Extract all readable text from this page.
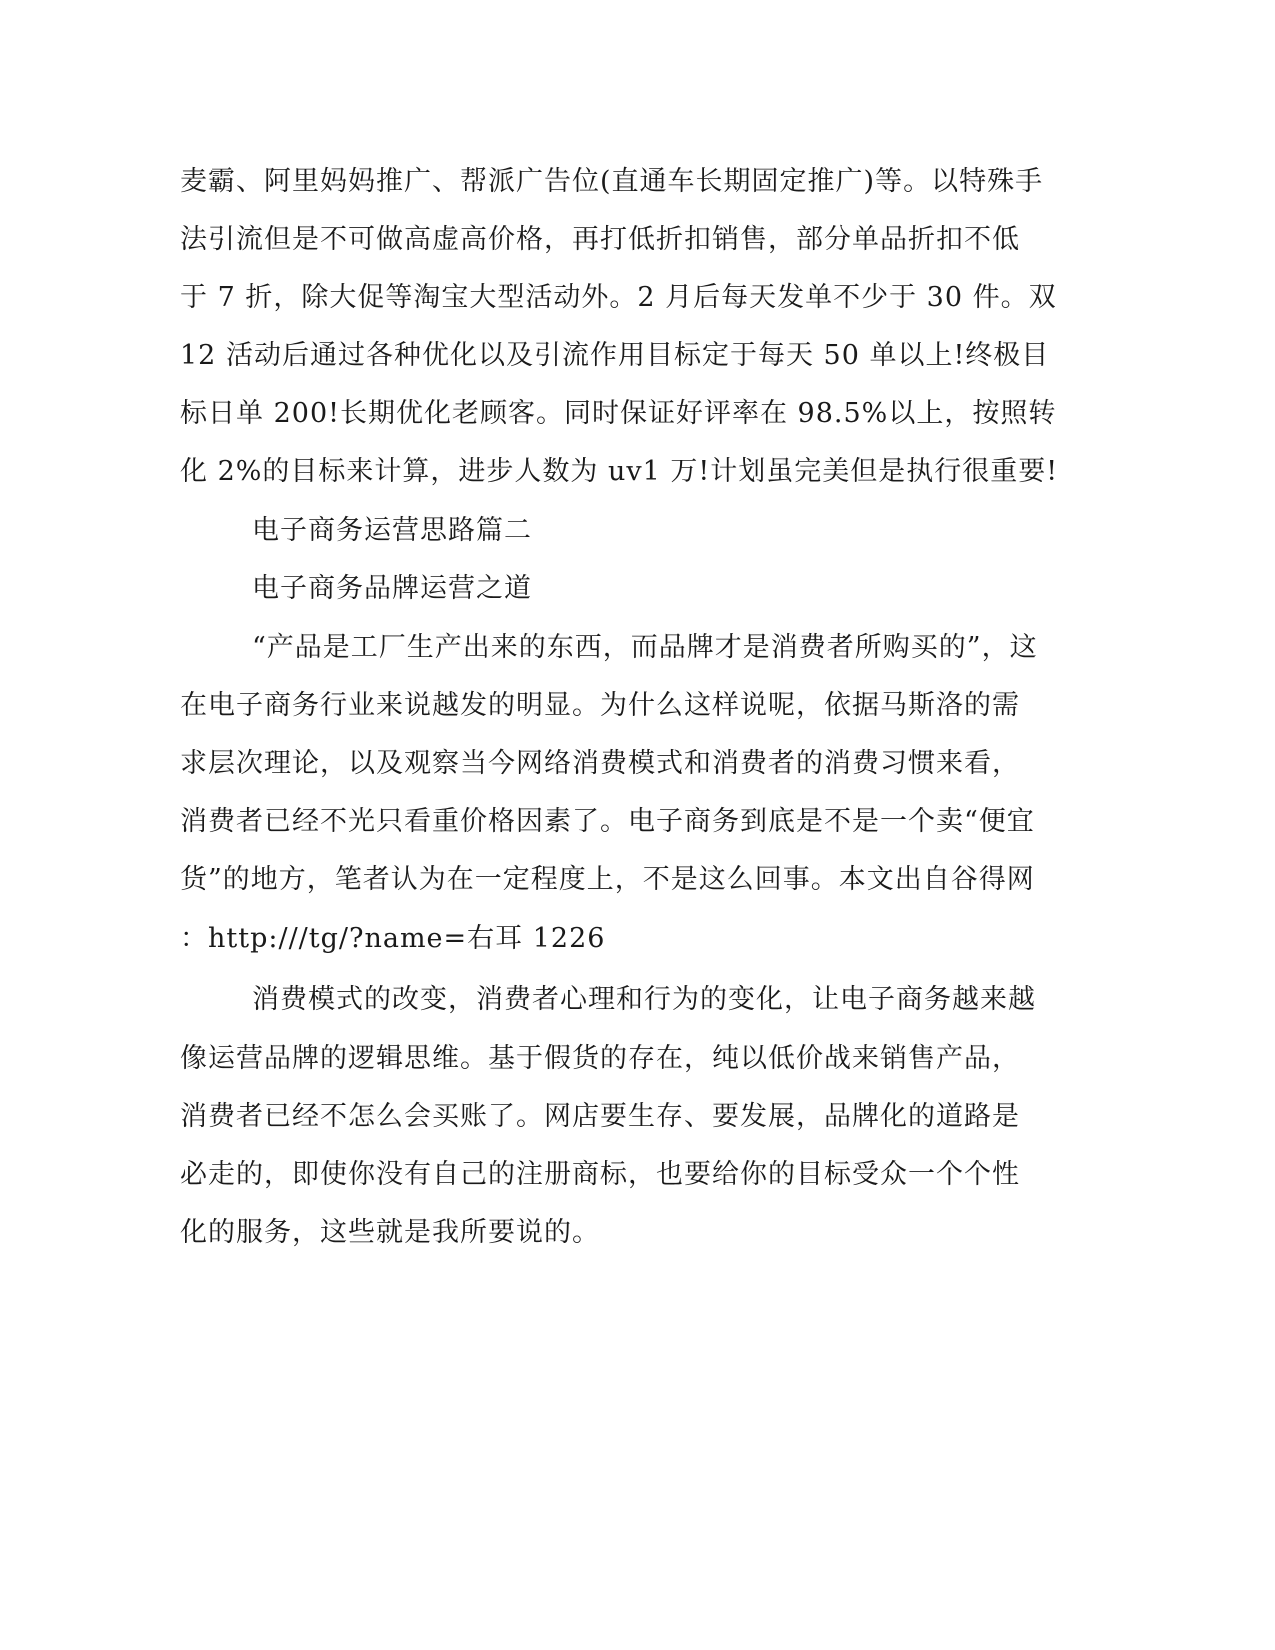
麦霸、阿里妈妈推广、帮派广告位(直通车长期固定推广)等。以特殊手
法引流但是不可做高虚高价格，再打低折扣销售，部分单品折扣不低
于 7 折，除大促等淘宝大型活动外。2 月后每天发单不少于 30 件。双
12 活动后通过各种优化以及引流作用目标定于每天 50 单以上!终极目
标日单 200!长期优化老顾客。同时保证好评率在 98.5%以上，按照转
化 2%的目标来计算，进步人数为 uv1 万!计划虽完美但是执行很重要!
电子商务运营思路篇二
电子商务品牌运营之道
“产品是工厂生产出来的东西，而品牌才是消费者所购买的”，这
在电子商务行业来说越发的明显。为什么这样说呢，依据马斯洛的需
求层次理论，以及观察当今网络消费模式和消费者的消费习惯来看，
消费者已经不光只看重价格因素了。电子商务到底是不是一个卖“便宜
货”的地方，笔者认为在一定程度上，不是这么回事。本文出自谷得网
：http:///tg/?name=右耳 1226
消费模式的改变，消费者心理和行为的变化，让电子商务越来越
像运营品牌的逻辑思维。基于假货的存在，纯以低价战来销售产品，
消费者已经不怎么会买账了。网店要生存、要发展，品牌化的道路是
必走的，即使你没有自己的注册商标，也要给你的目标受众一个个性
化的服务，这些就是我所要说的。
